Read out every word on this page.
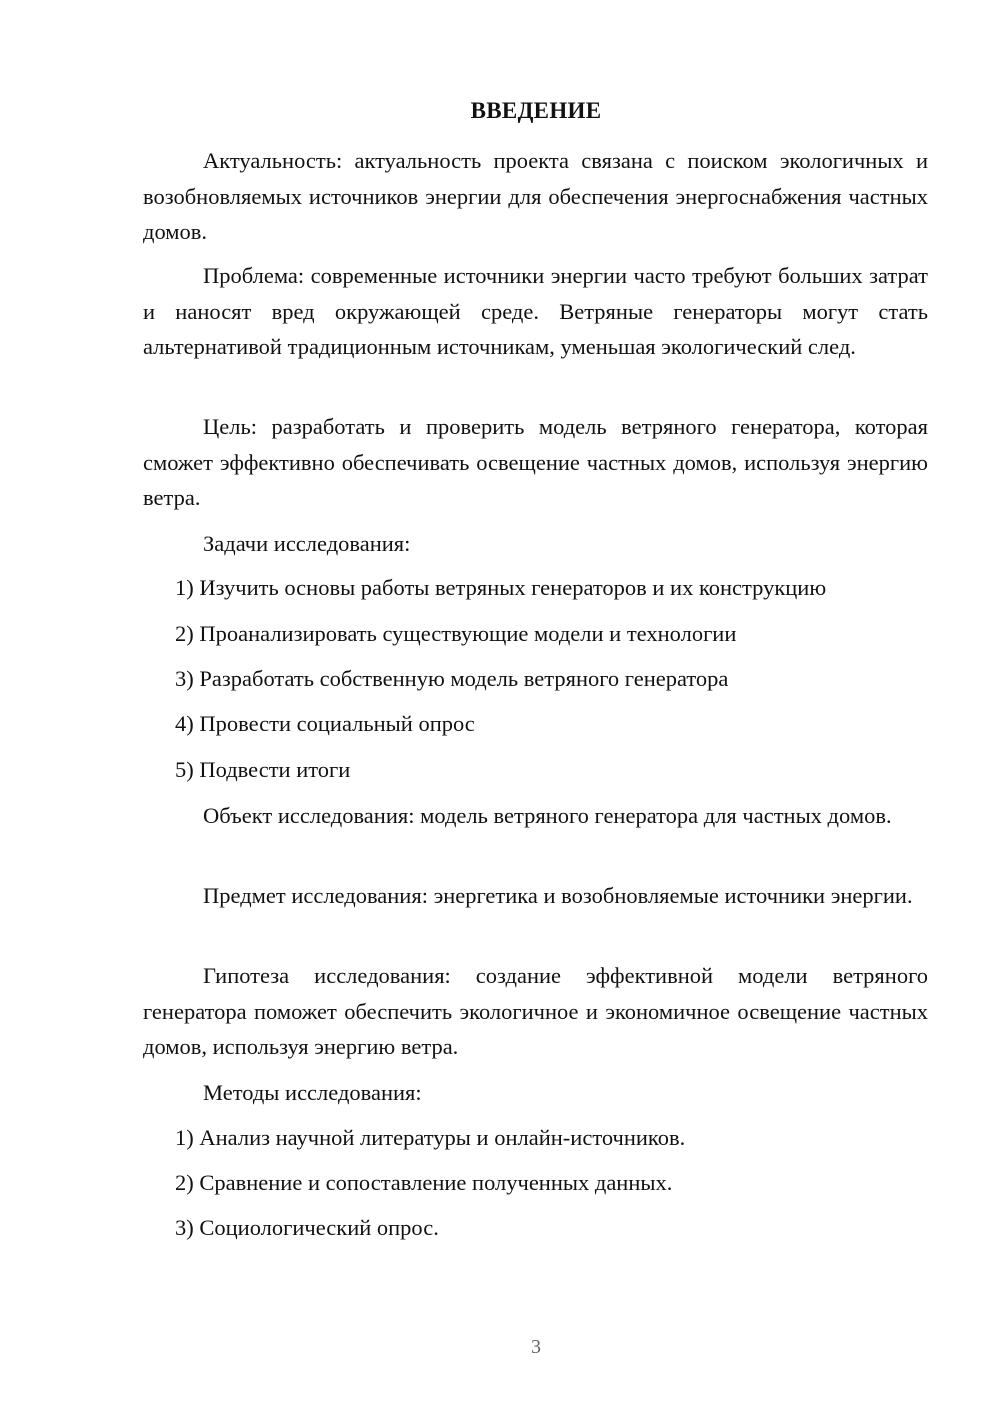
ВВЕДЕНИЕ

Актуальность: актуальность проекта связана с поиском экологичных и возобновляемых источников энергии для обеспечения энергоснабжения частных домов.

Проблема: современные источники энергии часто требуют больших затрат и наносят вред окружающей среде. Ветряные генераторы могут стать альтернативой традиционным источникам, уменьшая экологический след.

Цель: разработать и проверить модель ветряного генератора, которая сможет эффективно обеспечивать освещение частных домов, используя энергию ветра.

Задачи исследования:

1) Изучить основы работы ветряных генераторов и их конструкцию
2) Проанализировать существующие модели и технологии
3) Разработать собственную модель ветряного генератора
4) Провести социальный опрос
5) Подвести итоги

Объект исследования: модель ветряного генератора для частных домов.

Предмет исследования: энергетика и возобновляемые источники энергии.

Гипотеза исследования: создание эффективной модели ветряного генератора поможет обеспечить экологичное и экономичное освещение частных домов, используя энергию ветра.

Методы исследования:

1) Анализ научной литературы и онлайн-источников.
2) Сравнение и сопоставление полученных данных.
3) Социологический опрос.
3
